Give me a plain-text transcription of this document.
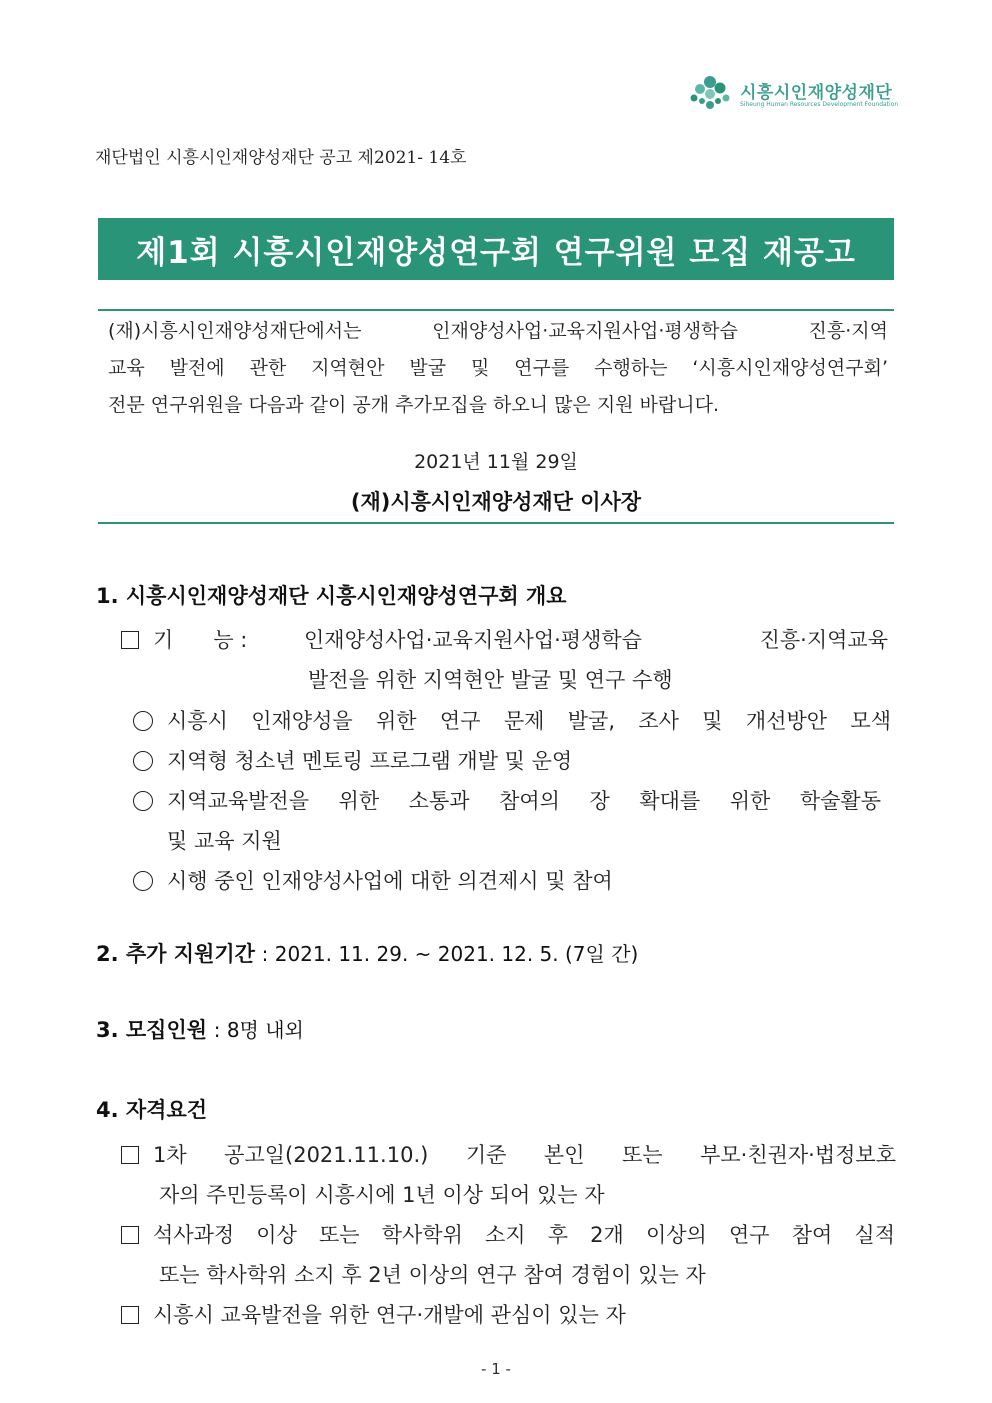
시흥시인재양성재단
Siheung Human Resources Development Foundation
재단법인 시흥시인재양성재단 공고 제2021- 14호
제1회 시흥시인재양성연구회 연구위원 모집 재공고
(재)시흥시인재양성재단에서는 인재양성사업·교육지원사업·평생학습 진흥·지역
교육 발전에 관한 지역현안 발굴 및 연구를 수행하는 ‘시흥시인재양성연구회’
전문 연구위원을 다음과 같이 공개 추가모집을 하오니 많은 지원 바랍니다.
2021년 11월 29일
(재)시흥시인재양성재단 이사장
1. 시흥시인재양성재단 시흥시인재양성연구회 개요
기      능 :	인재양성사업·교육지원사업·평생학습 진흥·지역교육
발전을 위한 지역현안 발굴 및 연구 수행
시흥시 인재양성을 위한 연구 문제 발굴, 조사 및 개선방안 모색
지역형 청소년 멘토링 프로그램 개발 및 운영
지역교육발전을 위한 소통과 참여의 장 확대를 위한 학술활동
및 교육 지원
시행 중인 인재양성사업에 대한 의견제시 및 참여
2. 추가 지원기간 : 2021. 11. 29. ~ 2021. 12. 5. (7일 간)
3. 모집인원 : 8명 내외
4. 자격요건
1차 공고일(2021.11.10.) 기준 본인 또는 부모·친권자·법정보호
자의 주민등록이 시흥시에 1년 이상 되어 있는 자
석사과정 이상 또는 학사학위 소지 후 2개 이상의 연구 참여 실적
또는 학사학위 소지 후 2년 이상의 연구 참여 경험이 있는 자
시흥시 교육발전을 위한 연구·개발에 관심이 있는 자
- 1 -
